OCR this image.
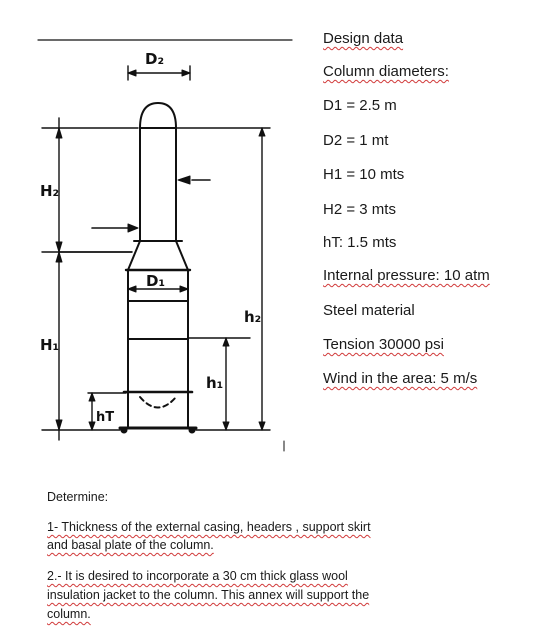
D₂
D₁
H₂
H₁
h₂
h₁
hT
Design data
Column diameters:
D1 = 2.5 m
D2 = 1 mt
H1 = 10 mts
H2 = 3 mts
hT: 1.5 mts
Internal pressure: 10 atm
Steel material
Tension 30000 psi
Wind in the area: 5 m/s
Determine:
1- Thickness of the external casing, headers , support skirt
and basal plate of the column.
2.- It is desired to incorporate a 30 cm thick glass wool
insulation jacket to the column. This annex will support the
column.
